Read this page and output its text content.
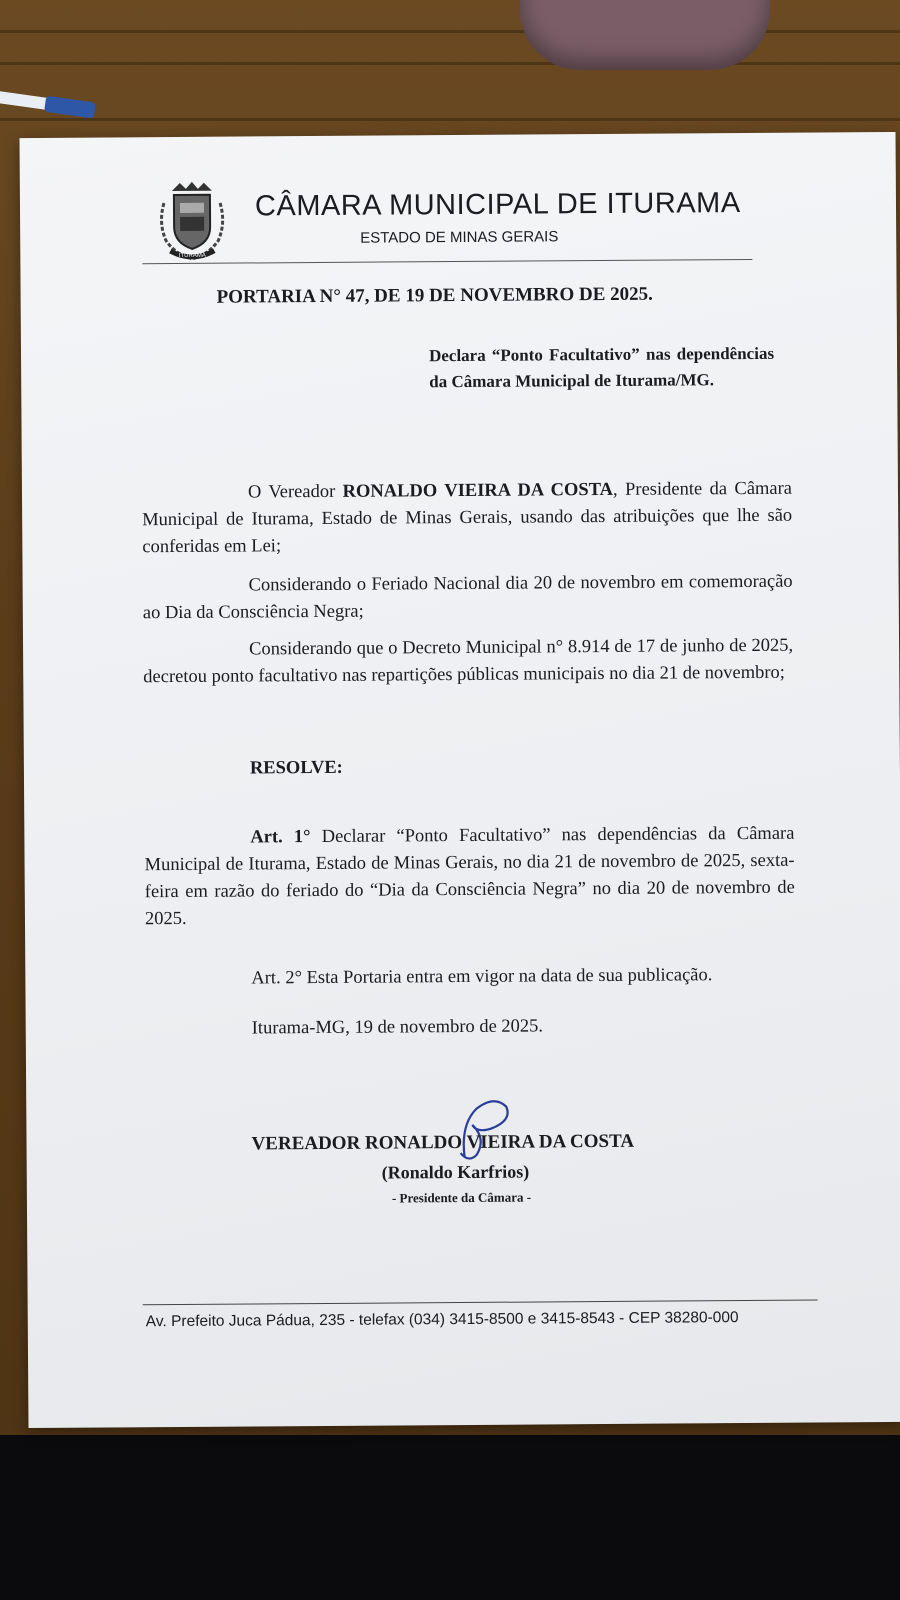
ITURAMA
CÂMARA MUNICIPAL DE ITURAMA
ESTADO DE MINAS GERAIS
PORTARIA N° 47, DE 19 DE NOVEMBRO DE 2025.
Declara “Ponto Facultativo” nas dependências da Câmara Municipal de Iturama/MG.
O Vereador RONALDO VIEIRA DA COSTA, Presidente da Câmara Municipal de Iturama, Estado de Minas Gerais, usando das atribuições que lhe são conferidas em Lei;
Considerando o Feriado Nacional dia 20 de novembro em comemoração ao Dia da Consciência Negra;
Considerando que o Decreto Municipal n° 8.914 de 17 de junho de 2025, decretou ponto facultativo nas repartições públicas municipais no dia 21 de novembro;
RESOLVE:
Art. 1° Declarar “Ponto Facultativo” nas dependências da Câmara Municipal de Iturama, Estado de Minas Gerais, no dia 21 de novembro de 2025, sexta-feira em razão do feriado do “Dia da Consciência Negra” no dia 20 de novembro de 2025.
Art. 2° Esta Portaria entra em vigor na data de sua publicação.
Iturama-MG, 19 de novembro de 2025.
VEREADOR RONALDO VIEIRA DA COSTA
(Ronaldo Karfrios)
- Presidente da Câmara -
Av. Prefeito Juca Pádua, 235 - telefax (034) 3415-8500 e 3415-8543 - CEP 38280-000
